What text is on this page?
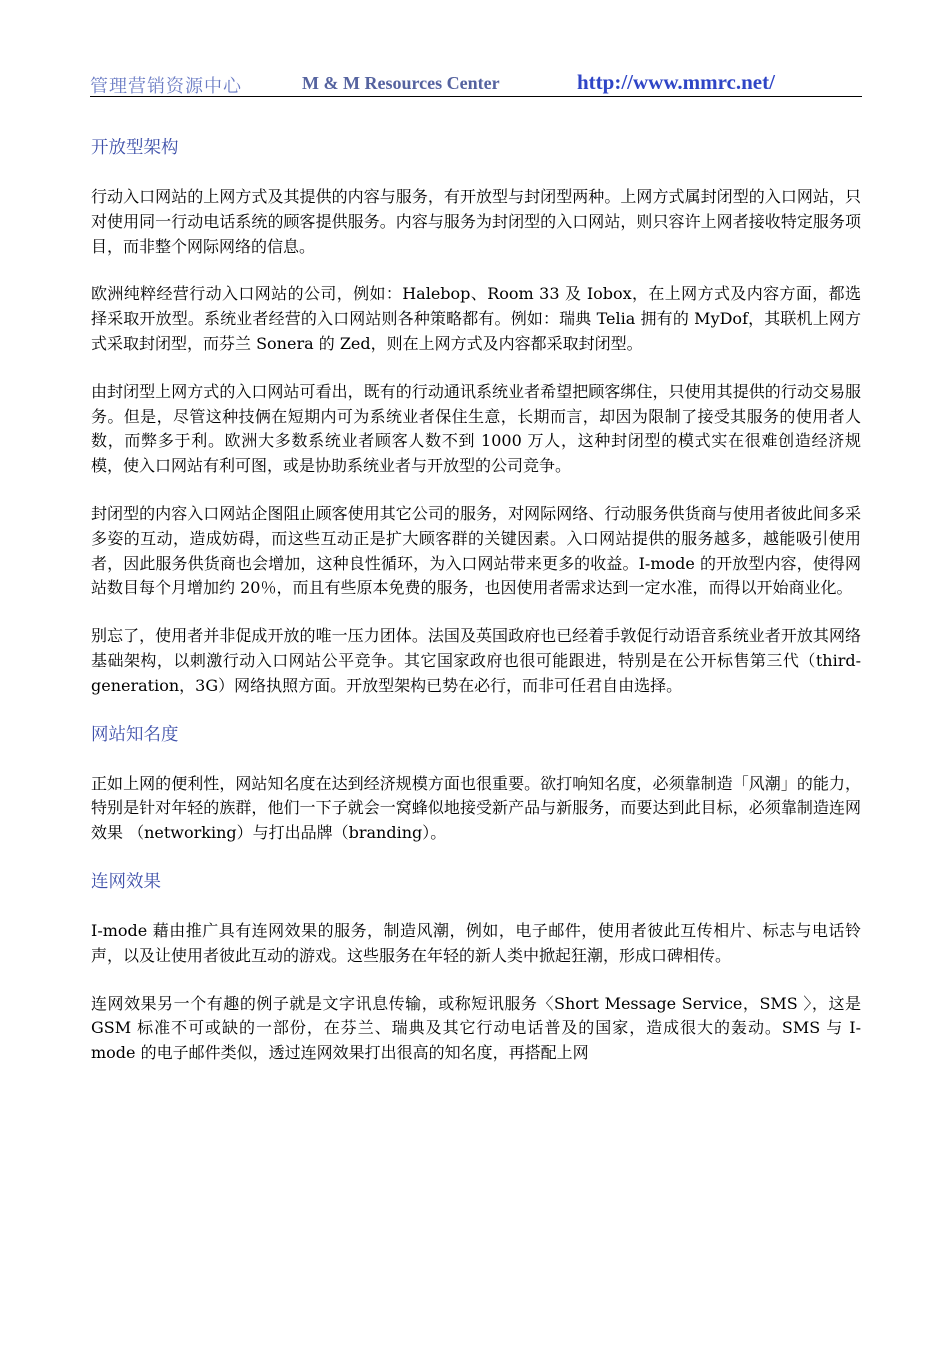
管理营销资源中心	M & M Resources Center	http://www.mmrc.net/
开放型架构

行动入口网站的上网方式及其提供的内容与服务，有开放型与封闭型两种。上网方式属封闭型的入口网站，只对使用同一行动电话系统的顾客提供服务。内容与服务为封闭型的入口网站，则只容许上网者接收特定服务项目，而非整个网际网络的信息。

欧洲纯粹经营行动入口网站的公司，例如：Halebop、Room 33 及 Iobox，在上网方式及内容方面，都选择采取开放型。系统业者经营的入口网站则各种策略都有。例如：瑞典 Telia 拥有的 MyDof，其联机上网方式采取封闭型，而芬兰 Sonera 的 Zed，则在上网方式及内容都采取封闭型。

由封闭型上网方式的入口网站可看出，既有的行动通讯系统业者希望把顾客绑住，只使用其提供的行动交易服务。但是，尽管这种技俩在短期内可为系统业者保住生意，长期而言，却因为限制了接受其服务的使用者人数，而弊多于利。欧洲大多数系统业者顾客人数不到 1000 万人，这种封闭型的模式实在很难创造经济规模，使入口网站有利可图，或是协助系统业者与开放型的公司竞争。

封闭型的内容入口网站企图阻止顾客使用其它公司的服务，对网际网络、行动服务供货商与使用者彼此间多采多姿的互动，造成妨碍，而这些互动正是扩大顾客群的关键因素。入口网站提供的服务越多，越能吸引使用者，因此服务供货商也会增加，这种良性循环，为入口网站带来更多的收益。I-mode 的开放型内容，使得网站数目每个月增加约 20％，而且有些原本免费的服务，也因使用者需求达到一定水准，而得以开始商业化。

别忘了，使用者并非促成开放的唯一压力团体。法国及英国政府也已经着手敦促行动语音系统业者开放其网络基础架构，以刺激行动入口网站公平竞争。其它国家政府也很可能跟进，特别是在公开标售第三代（third-generation，3G）网络执照方面。开放型架构已势在必行，而非可任君自由选择。

网站知名度

正如上网的便利性，网站知名度在达到经济规模方面也很重要。欲打响知名度，必须靠制造「风潮」的能力，特别是针对年轻的族群，他们一下子就会一窝蜂似地接受新产品与新服务，而要达到此目标，必须靠制造连网效果 （networking）与打出品牌（branding）。

连网效果

I-mode 藉由推广具有连网效果的服务，制造风潮，例如，电子邮件，使用者彼此互传相片、标志与电话铃声，以及让使用者彼此互动的游戏。这些服务在年轻的新人类中掀起狂潮，形成口碑相传。

连网效果另一个有趣的例子就是文字讯息传输，或称短讯服务〈Short Message Service，SMS 〉，这是 GSM 标准不可或缺的一部份，在芬兰、瑞典及其它行动电话普及的国家，造成很大的轰动。SMS 与 I-mode 的电子邮件类似，透过连网效果打出很高的知名度，再搭配上网
